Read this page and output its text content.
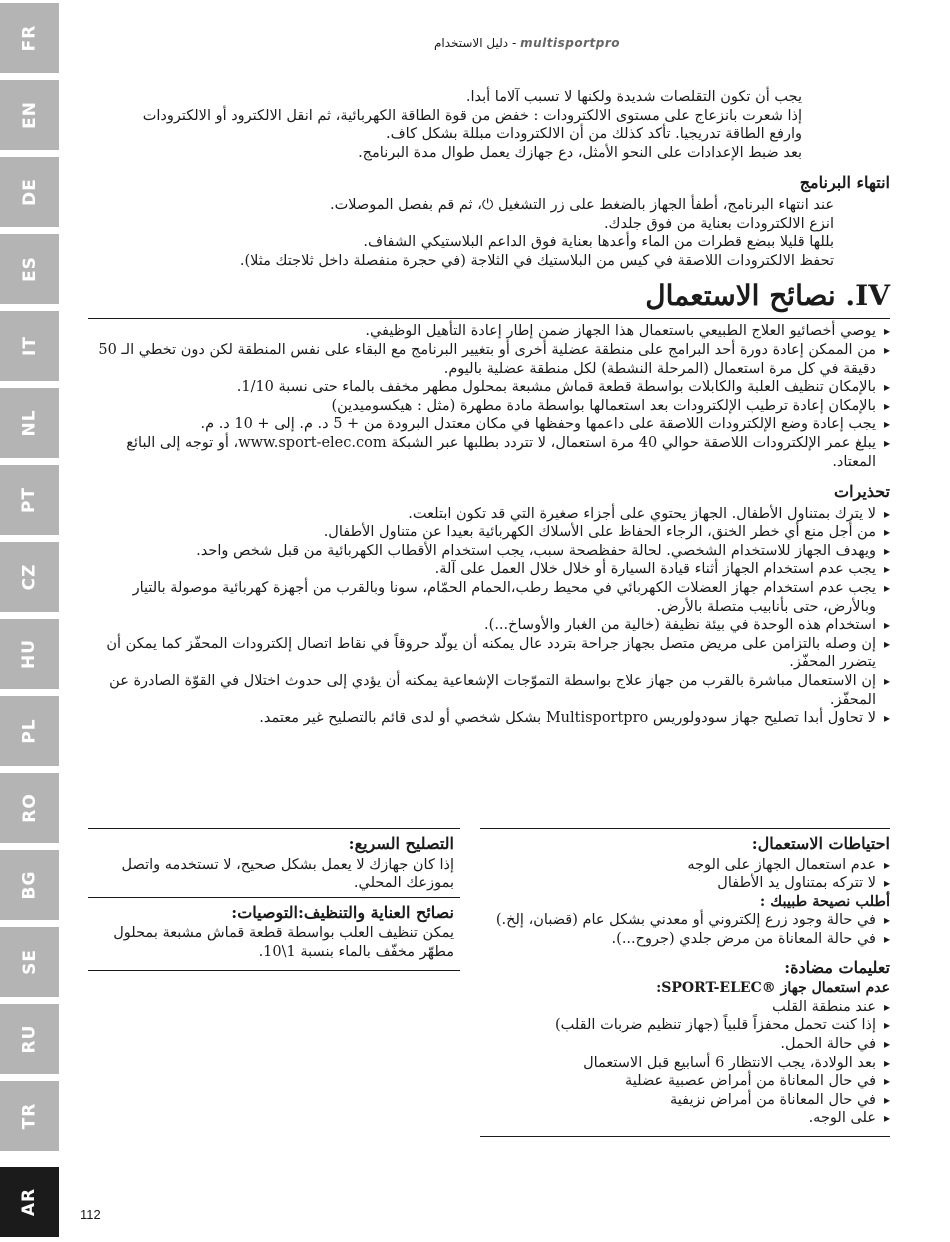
FR
EN
DE
ES
IT
NL
PT
CZ
HU
PL
RO
BG
SE
RU
TR
AR
دليل الاستخدام - multisportpro

يجب أن تكون التقلصات شديدة ولكنها لا تسبب آلاما أبدا.

إذا شعرت بانزعاج على مستوى الالكترودات : خفض من قوة الطاقة الكهربائية، ثم انقل الالكترود أو الالكترودات

وارفع الطاقة تدريجيا. تأكد كذلك من أن الالكترودات مبللة بشكل كاف.

بعد ضبط الإعدادات على النحو الأمثل، دع جهازك يعمل طوال مدة البرنامج.

انتهاء البرنامج

عند انتهاء البرنامج، أطفأ الجهاز بالضغط على زر التشغيل ⏻، ثم قم بفصل الموصلات.

انزع الالكترودات بعناية من فوق جلدك.

بللها قليلا ببضع قطرات من الماء وأعدها بعناية فوق الداعم البلاستيكي الشفاف.

تحفظ الالكترودات اللاصقة في كيس من البلاستيك في الثلاجة (في حجرة منفصلة داخل ثلاجتك مثلا).

IV. نصائح الاستعمال
▸ يوصي أخصائيو العلاج الطبيعي باستعمال هذا الجهاز ضمن إطار إعادة التأهيل الوظيفي.
▸ من الممكن إعادة دورة أحد البرامج على منطقة عضلية أخرى أو بتغيير البرنامج مع البقاء على نفس المنطقة لكن دون تخطي الـ 50 دقيقة في كل مرة استعمال (المرحلة النشطة) لكل منطقة عضلية باليوم.
▸ بالإمكان تنظيف العلبة والكابلات بواسطة قطعة قماش مشبعة بمحلول مطهر مخفف بالماء حتى نسبة 1/10.
▸ بالإمكان إعادة ترطيب الإلكترودات بعد استعمالها بواسطة مادة مطهرة (مثل : هيكسوميدين)
▸ يجب إعادة وضع الإلكترودات اللاصقة على داعمها وحفظها في مكان معتدل البرودة من + 5 د. م. إلى + 10 د. م.
▸ يبلغ عمر الإلكترودات اللاصقة حوالي 40 مرة استعمال، لا تتردد بطلبها عبر الشبكة www.sport-elec.com، أو توجه إلى البائع المعتاد.
تحذيرات
▸ لا يترك بمتناول الأطفال. الجهاز يحتوي على أجزاء صغيرة التي قد تكون ابتلعت.
▸ من أجل منع أي خطر الخنق، الرجاء الحفاظ على الأسلاك الكهربائية بعيدا عن متناول الأطفال.
▸ ويهدف الجهاز للاستخدام الشخصي. لحالة حفظصحة سبب، يجب استخدام الأقطاب الكهربائية من قبل شخص واحد.
▸ يجب عدم استخدام الجهاز أثناء قيادة السيارة أو خلال خلال العمل على آلة.
▸ يجب عدم استخدام جهاز العضلات الكهربائي في محيط رطب،الحمام الحمّام، سونا وبالقرب من أجهزة كهربائية موصولة بالتيار وبالأرض، حتى بأنابيب متصلة بالأرض.
▸ استخدام هذه الوحدة في بيئة نظيفة (خالية من الغبار والأوساخ...).
▸ إن وصله بالتزامن على مريض متصل بجهاز جراحة بتردد عال يمكنه أن يولّد حروقاً في نقاط اتصال إلكترودات المحفّز كما يمكن أن يتضرر المحفّز.
▸ إن الاستعمال مباشرة بالقرب من جهاز علاج بواسطة التموّجات الإشعاعية يمكنه أن يؤدي إلى حدوث اختلال في القوّة الصادرة عن المحفّز.
▸ لا تحاول أبدا تصليح جهاز سودولوريس Multisportpro بشكل شخصي أو لدى قائم بالتصليح غير معتمد.
احتياطات الاستعمال:
▸ عدم استعمال الجهاز على الوجه
▸ لا تتركه بمتناول يد الأطفال
أطلب نصيحة طبيبك :
▸ في حالة وجود زرع إلكتروني أو معدني بشكل عام (قضبان، إلخ.)
▸ في حالة المعاناة من مرض جلدي (جروح...).
تعليمات مضادة:
عدم استعمال جهاز ®SPORT-ELEC:
▸ عند منطقة القلب
▸ إذا كنت تحمل محفزاً قلبياً (جهاز تنظيم ضربات القلب)
▸ في حالة الحمل.
▸ بعد الولادة، يجب الانتظار 6 أسابيع قبل الاستعمال
▸ في حال المعاناة من أمراض عصبية عضلية
▸ في حال المعاناة من أمراض نزيفية
▸ على الوجه.
التصليح السريع:

إذا كان جهازك لا يعمل بشكل صحيح، لا تستخدمه واتصل بموزعك المحلي.

نصائح العناية والتنظيف:التوصيات:

يمكن تنظيف العلب بواسطة قطعة قماش مشبعة بمحلول مطهّر مخفّف بالماء بنسبة 1\10.

112
